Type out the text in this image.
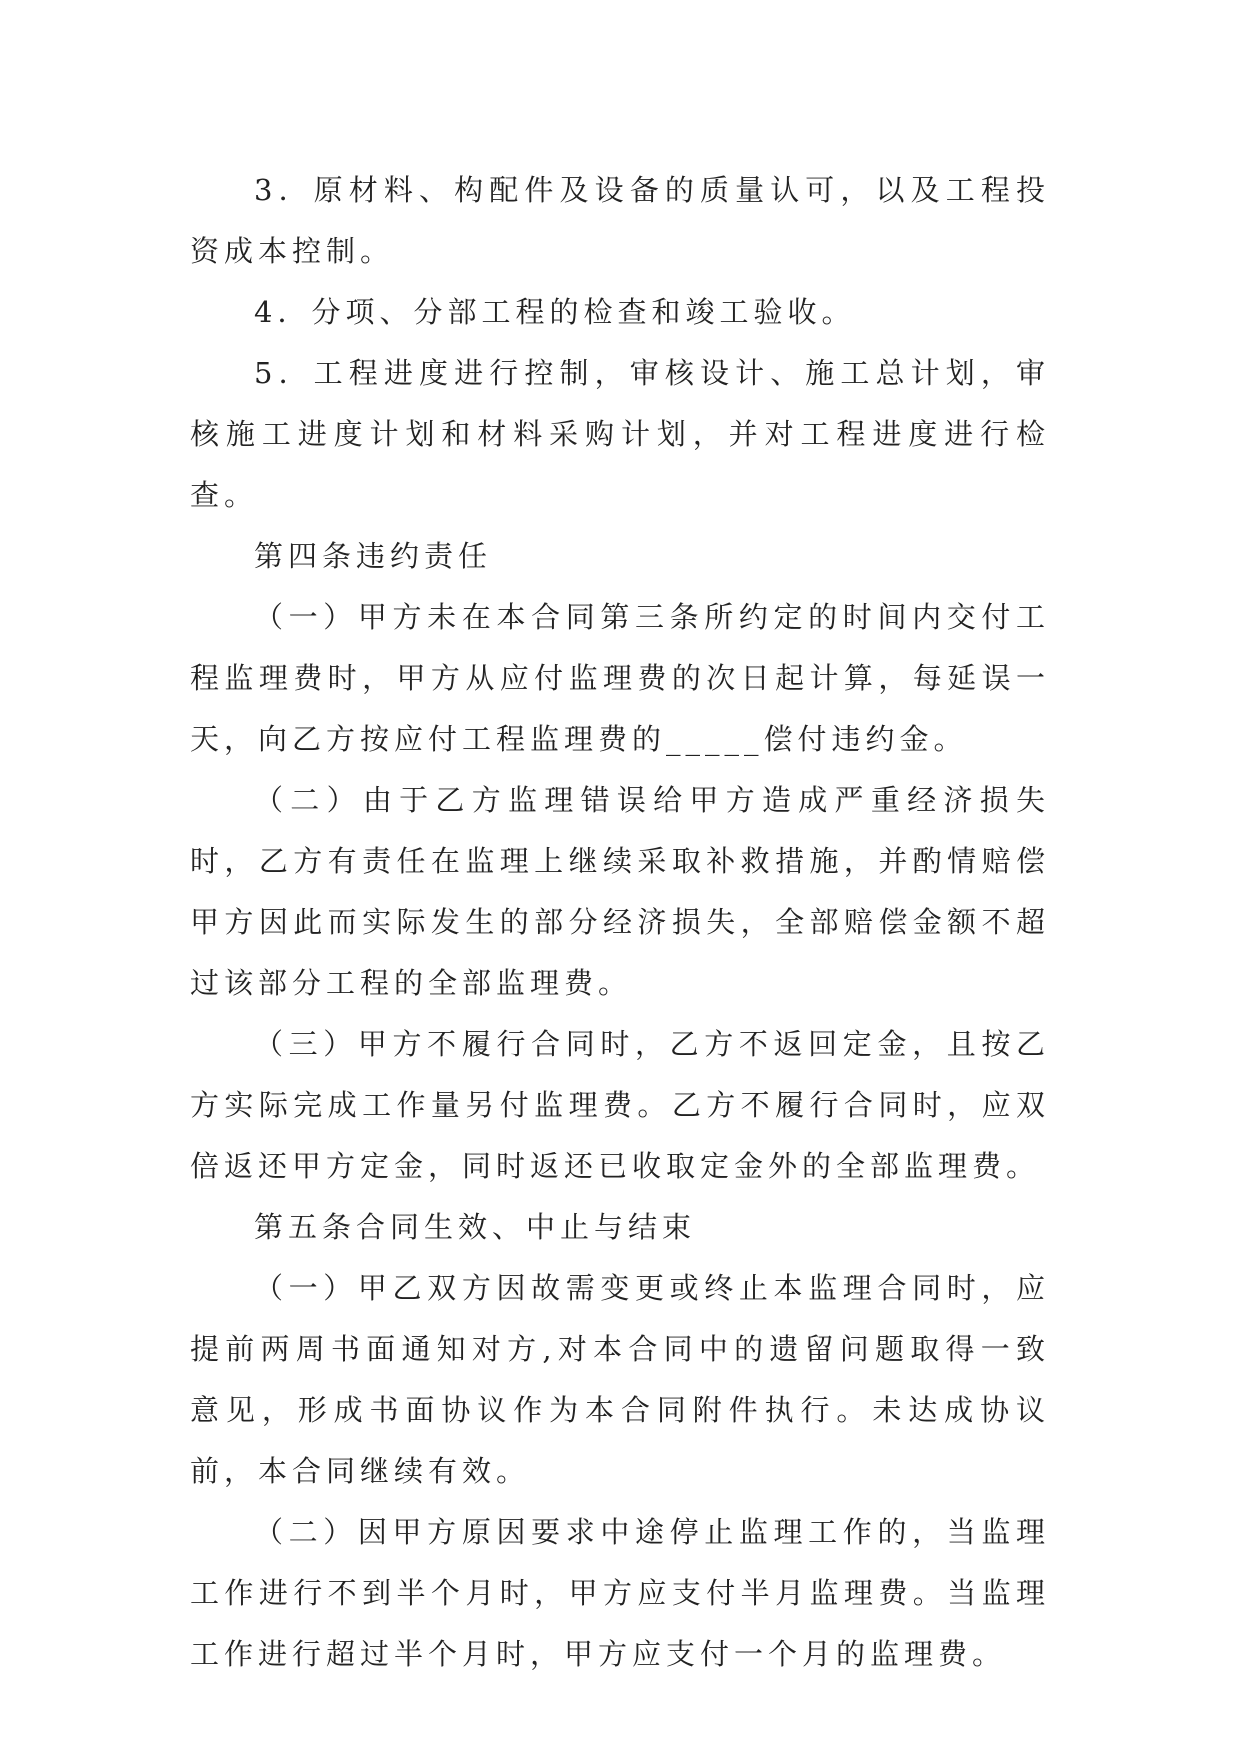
3．原材料、构配件及设备的质量认可，以及工程投资成本控制。

4．分项、分部工程的检查和竣工验收。

5．工程进度进行控制，审核设计、施工总计划，审核施工进度计划和材料采购计划，并对工程进度进行检查。

第四条违约责任

（一）甲方未在本合同第三条所约定的时间内交付工程监理费时，甲方从应付监理费的次日起计算，每延误一天，向乙方按应付工程监理费的_____偿付违约金。

（二）由于乙方监理错误给甲方造成严重经济损失时，乙方有责任在监理上继续采取补救措施，并酌情赔偿甲方因此而实际发生的部分经济损失，全部赔偿金额不超过该部分工程的全部监理费。

（三）甲方不履行合同时，乙方不返回定金，且按乙方实际完成工作量另付监理费。乙方不履行合同时，应双倍返还甲方定金，同时返还已收取定金外的全部监理费。

第五条合同生效、中止与结束

（一）甲乙双方因故需变更或终止本监理合同时，应提前两周书面通知对方,对本合同中的遗留问题取得一致意见，形成书面协议作为本合同附件执行。未达成协议前，本合同继续有效。

（二）因甲方原因要求中途停止监理工作的，当监理工作进行不到半个月时，甲方应支付半月监理费。当监理工作进行超过半个月时，甲方应支付一个月的监理费。
